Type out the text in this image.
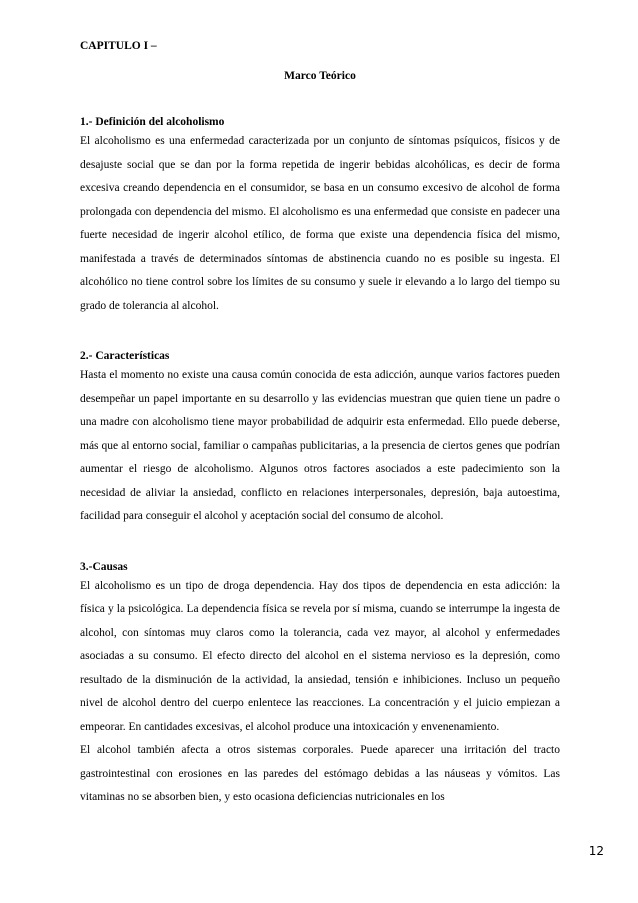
CAPITULO I –

Marco Teórico

1.- Definición del alcoholismo

El alcoholismo es una enfermedad caracterizada por un conjunto de síntomas psíquicos, físicos y de desajuste social que se dan por la forma repetida de ingerir bebidas alcohólicas, es decir de forma excesiva creando dependencia en el consumidor, se basa en un consumo excesivo de alcohol de forma prolongada con dependencia del mismo. El alcoholismo es una enfermedad que consiste en padecer una fuerte necesidad de ingerir alcohol etílico, de forma que existe una dependencia física del mismo, manifestada a través de determinados síntomas de abstinencia cuando no es posible su ingesta. El alcohólico no tiene control sobre los límites de su consumo y suele ir elevando a lo largo del tiempo su grado de tolerancia al alcohol.

2.- Características

Hasta el momento no existe una causa común conocida de esta adicción, aunque varios factores pueden desempeñar un papel importante en su desarrollo y las evidencias muestran que quien tiene un padre o una madre con alcoholismo tiene mayor probabilidad de adquirir esta enfermedad. Ello puede deberse, más que al entorno social, familiar o campañas publicitarias, a la presencia de ciertos genes que podrían aumentar el riesgo de alcoholismo. Algunos otros factores asociados a este padecimiento son la necesidad de aliviar la ansiedad, conflicto en relaciones interpersonales, depresión, baja autoestima, facilidad para conseguir el alcohol y aceptación social del consumo de alcohol.

3.-Causas

El alcoholismo es un tipo de droga dependencia. Hay dos tipos de dependencia en esta adicción: la física y la psicológica. La dependencia física se revela por sí misma, cuando se interrumpe la ingesta de alcohol, con síntomas muy claros como la tolerancia, cada vez mayor, al alcohol y enfermedades asociadas a su consumo. El efecto directo del alcohol en el sistema nervioso es la depresión, como resultado de la disminución de la actividad, la ansiedad, tensión e inhibiciones. Incluso un pequeño nivel de alcohol dentro del cuerpo enlentece las reacciones. La concentración y el juicio empiezan a empeorar. En cantidades excesivas, el alcohol produce una intoxicación y envenenamiento.

El alcohol también afecta a otros sistemas corporales. Puede aparecer una irritación del tracto gastrointestinal con erosiones en las paredes del estómago debidas a las náuseas y vómitos. Las vitaminas no se absorben bien, y esto ocasiona deficiencias nutricionales en los

12
